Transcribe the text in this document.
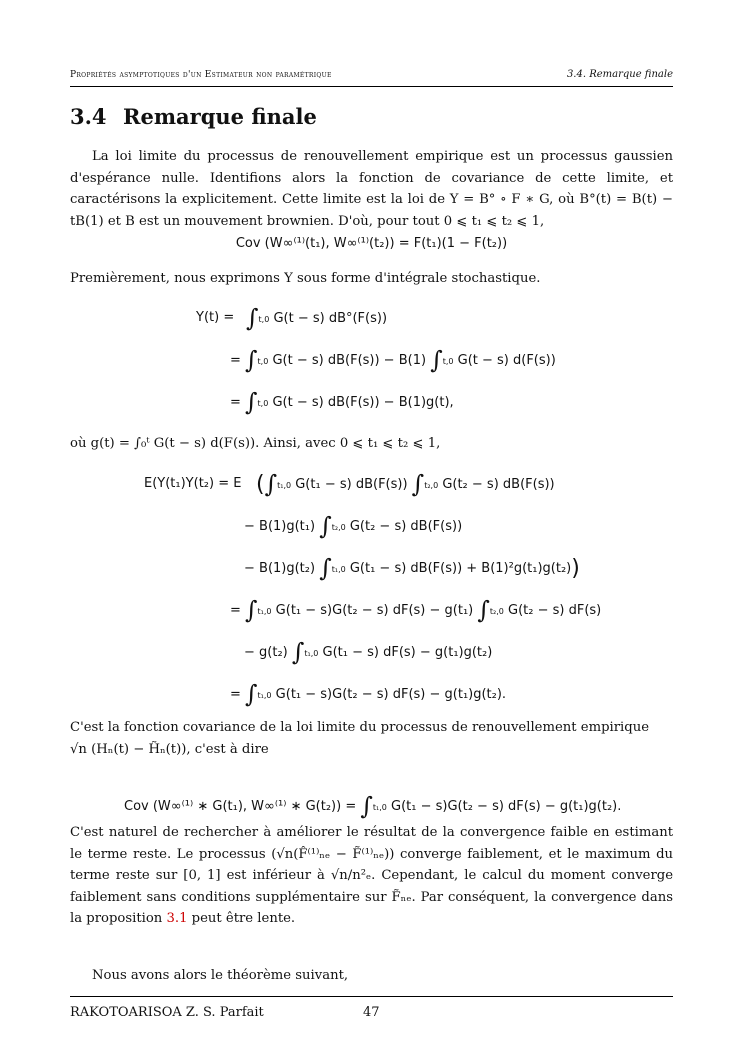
Propriétés asymptotiques d'un Estimateur non paramétrique	3.4. Remarque finale
3.4 Remarque finale
La loi limite du processus de renouvellement empirique est un processus gaussien d'espérance nulle. Identifions alors la fonction de covariance de cette limite, et caractérisons la explicitement. Cette limite est la loi de Y = B° ∘ F ∗ G, où B°(t) = B(t) − tB(1) et B est un mouvement brownien. D'où, pour tout 0 ⩽ t₁ ⩽ t₂ ⩽ 1,
Cov (W∞⁽¹⁾(t₁), W∞⁽¹⁾(t₂)) = F(t₁)(1 − F(t₂))
Premièrement, nous exprimons Y sous forme d'intégrale stochastique.
Y(t) = ∫t,0 G(t − s) dB°(F(s))
= ∫t,0 G(t − s) dB(F(s)) − B(1) ∫t,0 G(t − s) d(F(s))
= ∫t,0 G(t − s) dB(F(s)) − B(1)g(t),
où g(t) = ∫₀ᵗ G(t − s) d(F(s)). Ainsi, avec 0 ⩽ t₁ ⩽ t₂ ⩽ 1,
E(Y(t₁)Y(t₂) = E (∫t₁,0 G(t₁ − s) dB(F(s)) ∫t₂,0 G(t₂ − s) dB(F(s))
− B(1)g(t₁) ∫t₂,0 G(t₂ − s) dB(F(s))
− B(1)g(t₂) ∫t₁,0 G(t₁ − s) dB(F(s)) + B(1)²g(t₁)g(t₂))
= ∫t₁,0 G(t₁ − s)G(t₂ − s) dF(s) − g(t₁) ∫t₂,0 G(t₂ − s) dF(s)
− g(t₂) ∫t₁,0 G(t₁ − s) dF(s) − g(t₁)g(t₂)
= ∫t₁,0 G(t₁ − s)G(t₂ − s) dF(s) − g(t₁)g(t₂).
C'est la fonction covariance de la loi limite du processus de renouvellement empirique
√n (Hₙ(t) − H̃ₙ(t)), c'est à dire
Cov (W∞⁽¹⁾ ∗ G(t₁), W∞⁽¹⁾ ∗ G(t₂)) = ∫t₁,0 G(t₁ − s)G(t₂ − s) dF(s) − g(t₁)g(t₂).
C'est naturel de rechercher à améliorer le résultat de la convergence faible en estimant le terme reste. Le processus (√n(F̂⁽¹⁾ₙₑ − F̃⁽¹⁾ₙₑ)) converge faiblement, et le maximum du terme reste sur [0, 1] est inférieur à √n/n²ₑ. Cependant, le calcul du moment converge faiblement sans conditions supplémentaire sur F̃ₙₑ. Par conséquent, la convergence dans la proposition 3.1 peut être lente.
Nous avons alors le théorème suivant,
RAKOTOARISOA Z. S. Parfait	47
